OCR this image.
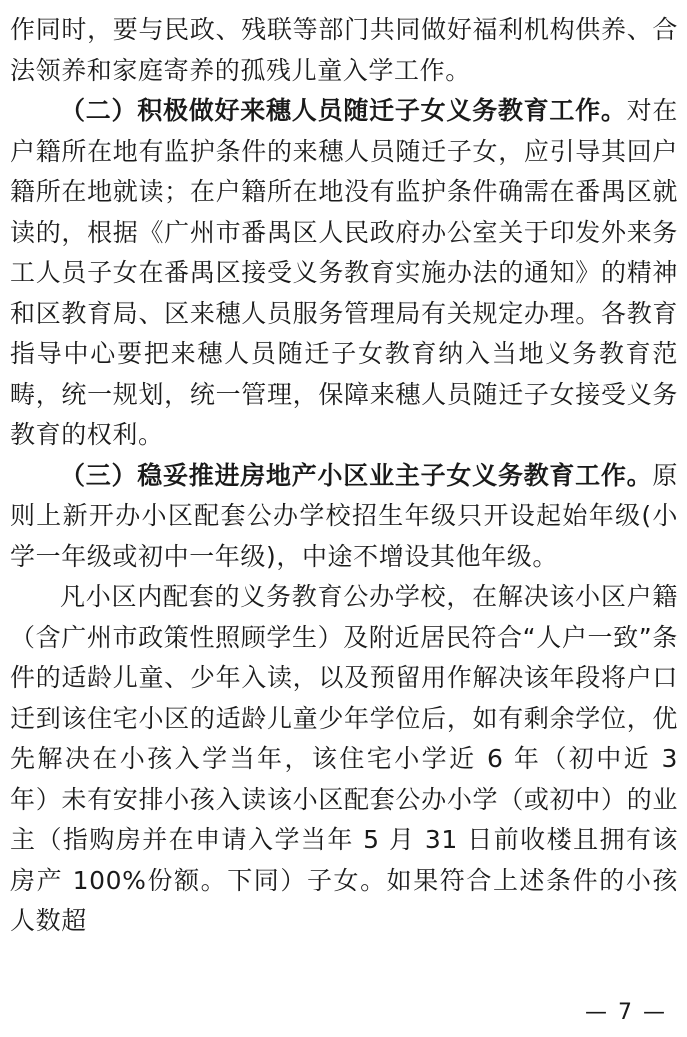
作同时，要与民政、残联等部门共同做好福利机构供养、合法领养和家庭寄养的孤残儿童入学工作。

（二）积极做好来穗人员随迁子女义务教育工作。对在户籍所在地有监护条件的来穗人员随迁子女，应引导其回户籍所在地就读；在户籍所在地没有监护条件确需在番禺区就读的，根据《广州市番禺区人民政府办公室关于印发外来务工人员子女在番禺区接受义务教育实施办法的通知》的精神和区教育局、区来穗人员服务管理局有关规定办理。各教育指导中心要把来穗人员随迁子女教育纳入当地义务教育范畴，统一规划，统一管理，保障来穗人员随迁子女接受义务教育的权利。

（三）稳妥推进房地产小区业主子女义务教育工作。原则上新开办小区配套公办学校招生年级只开设起始年级(小学一年级或初中一年级)，中途不增设其他年级。

凡小区内配套的义务教育公办学校，在解决该小区户籍（含广州市政策性照顾学生）及附近居民符合“人户一致”条件的适龄儿童、少年入读，以及预留用作解决该年段将户口迁到该住宅小区的适龄儿童少年学位后，如有剩余学位，优先解决在小孩入学当年，该住宅小学近 6 年（初中近 3 年）未有安排小孩入读该小区配套公办小学（或初中）的业主（指购房并在申请入学当年 5 月 31 日前收楼且拥有该房产 100%份额。下同）子女。如果符合上述条件的小孩人数超

— 7 —
